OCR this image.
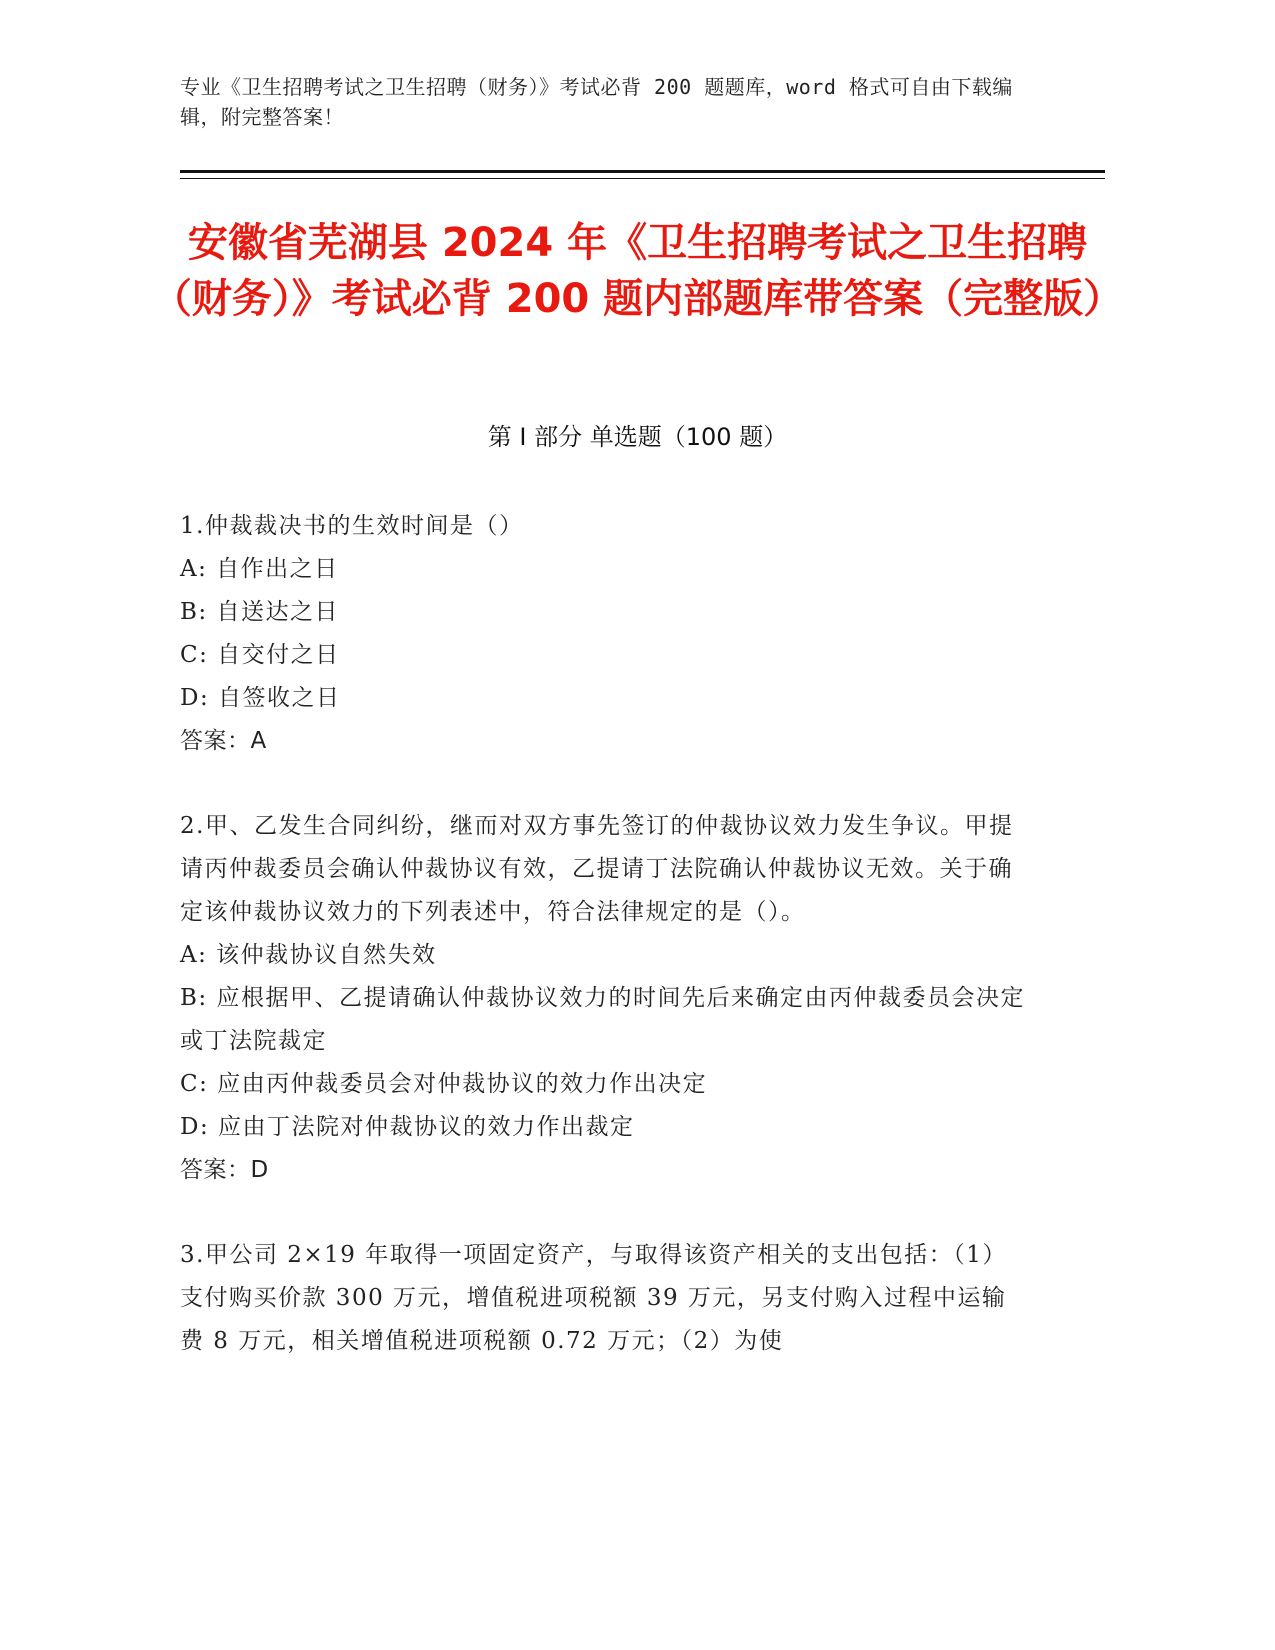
专业《卫生招聘考试之卫生招聘（财务）》考试必背 200 题题库，word 格式可自由下载编辑，附完整答案！
安徽省芜湖县 2024 年《卫生招聘考试之卫生招聘（财务）》考试必背 200 题内部题库带答案（完整版）
第 I 部分 单选题（100 题）
1.仲裁裁决书的生效时间是（）
A: 自作出之日
B: 自送达之日
C: 自交付之日
D: 自签收之日
答案：A
2.甲、乙发生合同纠纷，继而对双方事先签订的仲裁协议效力发生争议。甲提请丙仲裁委员会确认仲裁协议有效，乙提请丁法院确认仲裁协议无效。关于确定该仲裁协议效力的下列表述中，符合法律规定的是（）。
A: 该仲裁协议自然失效
B: 应根据甲、乙提请确认仲裁协议效力的时间先后来确定由丙仲裁委员会决定或丁法院裁定
C: 应由丙仲裁委员会对仲裁协议的效力作出决定
D: 应由丁法院对仲裁协议的效力作出裁定
答案：D
3.甲公司 2×19 年取得一项固定资产，与取得该资产相关的支出包括：（1）支付购买价款 300 万元，增值税进项税额 39 万元，另支付购入过程中运输费 8 万元，相关增值税进项税额 0.72 万元；（2）为使
